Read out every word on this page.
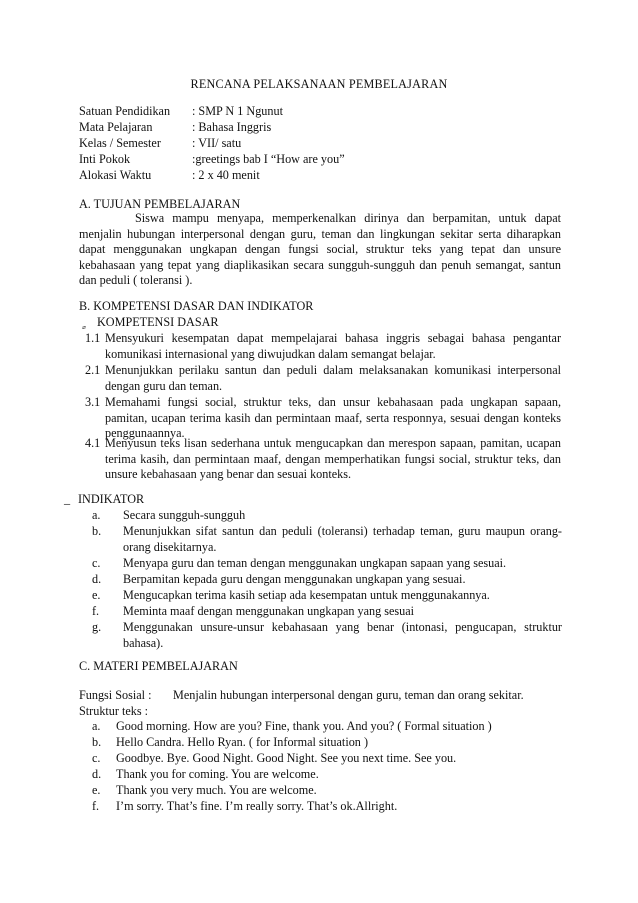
RENCANA PELAKSANAAN PEMBELAJARAN
Satuan Pendidikan	: SMP N 1 Ngunut
Mata Pelajaran	: Bahasa Inggris
Kelas / Semester	: VII/ satu
Inti Pokok	:greetings bab I “How are you”
Alokasi Waktu	: 2 x 40 menit
A. TUJUAN PEMBELAJARAN
Siswa mampu menyapa, memperkenalkan dirinya dan berpamitan, untuk dapat menjalin hubungan interpersonal dengan guru, teman dan lingkungan sekitar serta diharapkan dapat menggunakan ungkapan dengan fungsi social, struktur teks yang tepat dan unsure kebahasaan yang tepat yang diaplikasikan secara sungguh-sungguh dan penuh semangat, santun dan peduli ( toleransi ).
B. KOMPETENSI DASAR DAN INDIKATOR
KOMPETENSI DASAR
1.1 Mensyukuri kesempatan dapat mempelajarai bahasa inggris sebagai bahasa pengantar komunikasi internasional yang diwujudkan dalam semangat belajar.
2.1 Menunjukkan perilaku santun dan peduli dalam melaksanakan komunikasi interpersonal dengan guru dan teman.
3.1 Memahami fungsi social, struktur teks, dan unsur kebahasaan pada ungkapan sapaan, pamitan, ucapan terima kasih dan permintaan maaf, serta responnya, sesuai dengan konteks penggunaannya.
4.1 Menyusun teks lisan sederhana untuk mengucapkan dan merespon sapaan, pamitan, ucapan terima kasih, dan permintaan maaf, dengan memperhatikan fungsi social, struktur teks, dan unsure kebahasaan yang benar dan sesuai konteks.
_ INDIKATOR
a.	Secara sungguh-sungguh
b.	Menunjukkan sifat santun dan peduli (toleransi) terhadap teman, guru maupun orang-orang disekitarnya.
c.	Menyapa guru dan teman dengan menggunakan ungkapan sapaan yang sesuai.
d.	Berpamitan kepada guru dengan menggunakan ungkapan yang sesuai.
e.	Mengucapkan terima kasih setiap ada kesempatan untuk menggunakannya.
f.	Meminta maaf dengan menggunakan ungkapan yang sesuai
g.	Menggunakan unsure-unsur kebahasaan yang benar (intonasi, pengucapan, struktur bahasa).
C. MATERI PEMBELAJARAN
Fungsi Sosial :	Menjalin hubungan interpersonal dengan guru, teman dan orang sekitar.
Struktur teks :
a.	Good morning. How are you? Fine, thank you. And you? ( Formal situation )
b.	Hello Candra. Hello Ryan. ( for Informal situation )
c.	Goodbye. Bye. Good Night. Good Night. See you next time. See you.
d.	Thank you for coming. You are welcome.
e.	Thank you very much. You are welcome.
f.	I’m sorry. That’s fine. I’m really sorry. That’s ok.Allright.
